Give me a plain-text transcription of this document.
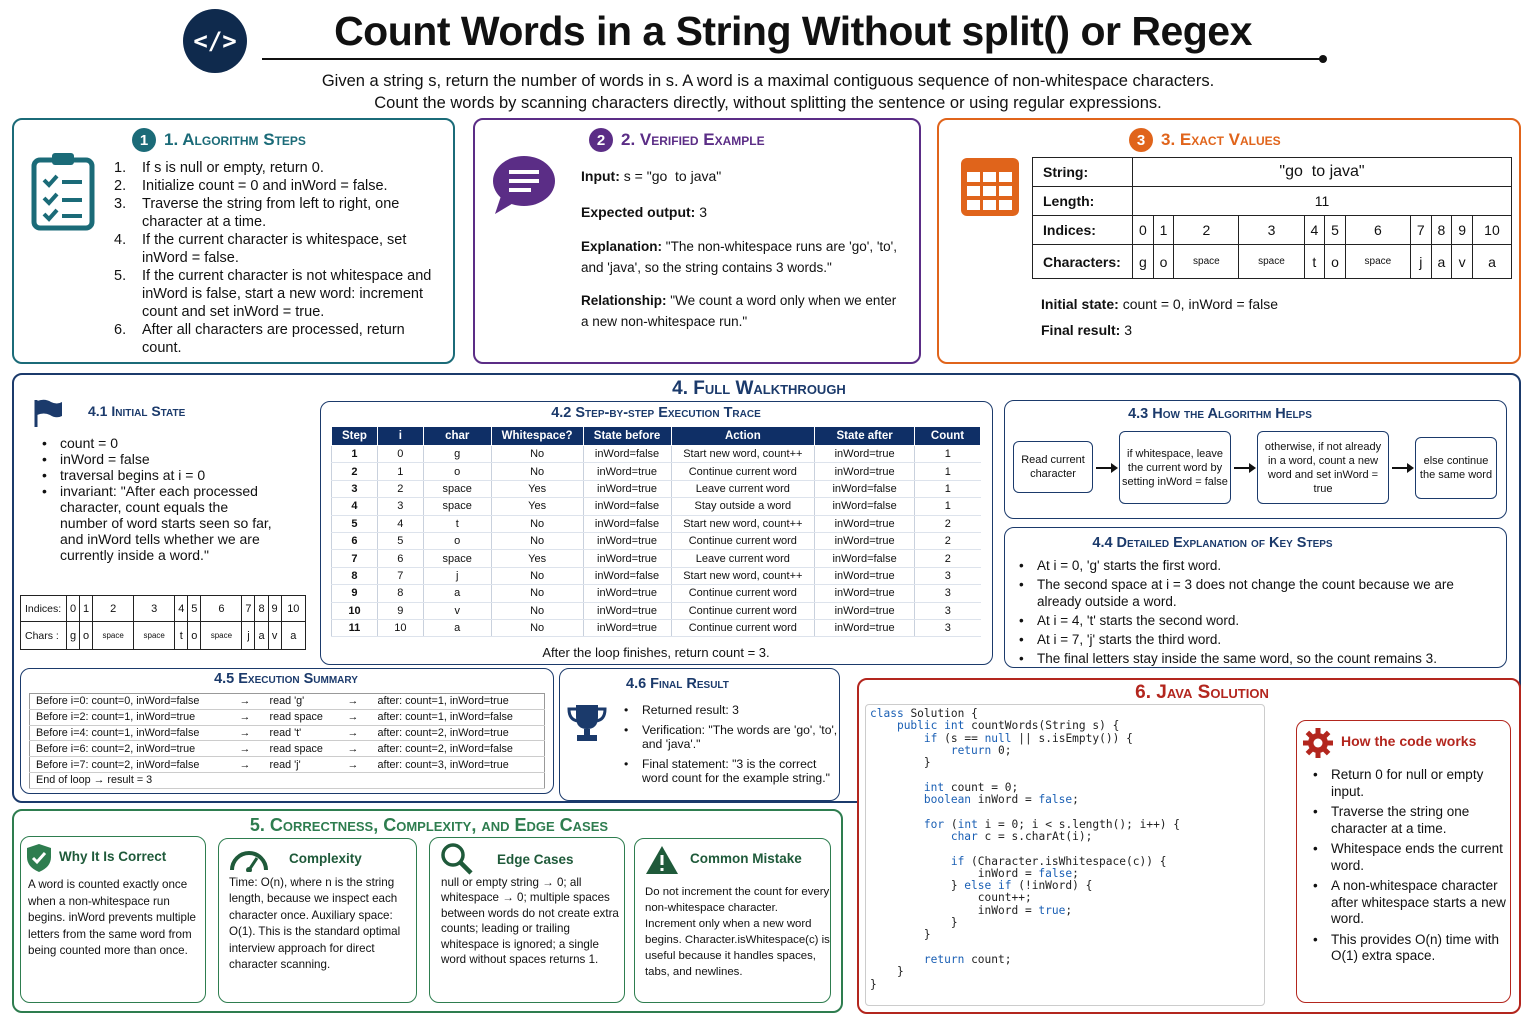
</>	Count Words in a String Without split() or Regex
Given a string s, return the number of words in s. A word is a maximal contiguous sequence of non-whitespace characters.
Count the words by scanning characters directly, without splitting the sentence or using regular expressions.
1 1. Algorithm Steps
1.	If s is null or empty, return 0.
2.	Initialize count = 0 and inWord = false.
3.	Traverse the string from left to right, one character at a time.
4.	If the current character is whitespace, set inWord = false.
5.	If the current character is not whitespace and inWord is false, start a new word: increment count and set inWord = true.
6.	After all characters are processed, return count.
2 2. Verified Example
Input: s = "go  to java"
Expected output: 3
Explanation: "The non-whitespace runs are 'go', 'to', and 'java', so the string contains 3 words."
Relationship: "We count a word only when we enter a new non-whitespace run."
3 3. Exact Values
String:	"go  to java"										
Length:	11										
Indices:	0	1	2	3	4	5	6	7	8	9	10
Characters:	g	o	space	space	t	o	space	j	a	v	a
Initial state: count = 0, inWord = false
Final result: 3
4. Full Walkthrough
4.1 Initial State
• count = 0
• inWord = false
• traversal begins at i = 0
• invariant: "After each processed character, count equals the number of word starts seen so far, and inWord tells whether we are currently inside a word."
Indices:	0	1	2	3	4	5	6	7	8	9	10
Chars :	g	o	space	space	t	o	space	j	a	v	a
4.2 Step-by-step Execution Trace
Step	i	char	Whitespace?	State before	Action	State after	Count
1	0	g	No	inWord=false	Start new word, count++	inWord=true	1
2	1	o	No	inWord=true	Continue current word	inWord=true	1
3	2	space	Yes	inWord=true	Leave current word	inWord=false	1
4	3	space	Yes	inWord=false	Stay outside a word	inWord=false	1
5	4	t	No	inWord=false	Start new word, count++	inWord=true	2
6	5	o	No	inWord=true	Continue current word	inWord=true	2
7	6	space	Yes	inWord=true	Leave current word	inWord=false	2
8	7	j	No	inWord=false	Start new word, count++	inWord=true	3
9	8	a	No	inWord=true	Continue current word	inWord=true	3
10	9	v	No	inWord=true	Continue current word	inWord=true	3
11	10	a	No	inWord=true	Continue current word	inWord=true	3
After the loop finishes, return count = 3.
4.3 How the Algorithm Helps
Read current character
if whitespace, leave the current word by setting inWord = false
otherwise, if not already in a word, count a new word and set inWord = true
else continue the same word
4.4 Detailed Explanation of Key Steps
• At i = 0, 'g' starts the first word.
• The second space at i = 3 does not change the count because we are already outside a word.
• At i = 4, 't' starts the second word.
• At i = 7, 'j' starts the third word.
• The final letters stay inside the same word, so the count remains 3.
4.5 Execution Summary
Before i=0: count=0, inWord=false	→	read 'g'	→	after: count=1, inWord=true
Before i=2: count=1, inWord=true	→	read space	→	after: count=1, inWord=false
Before i=4: count=1, inWord=false	→	read 't'	→	after: count=2, inWord=true
Before i=6: count=2, inWord=true	→	read space	→	after: count=2, inWord=false
Before i=7: count=2, inWord=false	→	read 'j'	→	after: count=3, inWord=true
End of loop → result = 3				
4.6 Final Result
• Returned result: 3
• Verification: "The words are 'go', 'to', and 'java'."
• Final statement: "3 is the correct word count for the example string."
5. Correctness, Complexity, and Edge Cases
Why It Is Correct
A word is counted exactly once when a non-whitespace run begins. inWord prevents multiple letters from the same word from being counted more than once.
Complexity
Time: O(n), where n is the string length, because we inspect each character once. Auxiliary space: O(1). This is the standard optimal interview approach for direct character scanning.
Edge Cases
null or empty string → 0; all whitespace → 0; multiple spaces between words do not create extra counts; leading or trailing whitespace is ignored; a single word without spaces returns 1.
Common Mistake
Do not increment the count for every non-whitespace character. Increment only when a new word begins. Character.isWhitespace(c) is useful because it handles spaces, tabs, and newlines.
6. Java Solution
class Solution {
public int countWords(String s) {
if (s == null || s.isEmpty()) {
return 0;
}

int count = 0;
boolean inWord = false;

for (int i = 0; i < s.length(); i++) {
char c = s.charAt(i);

if (Character.isWhitespace(c)) {
inWord = false;
} else if (!inWord) {
count++;
inWord = true;
}
}

return count;
}
}
How the code works
• Return 0 for null or empty input.
• Traverse the string one character at a time.
• Whitespace ends the current word.
• A non-whitespace character after whitespace starts a new word.
• This provides O(n) time with O(1) extra space.
